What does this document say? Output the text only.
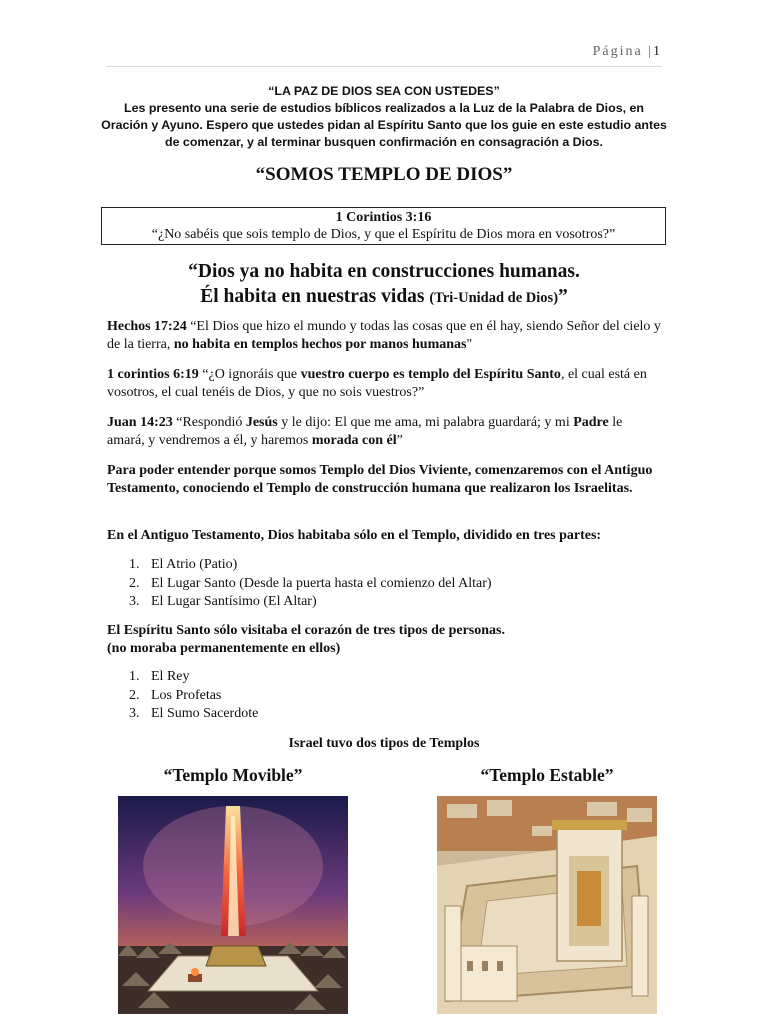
Página |1
“LA PAZ DE DIOS SEA CON USTEDES”
Les presento una serie de estudios bíblicos realizados a la Luz de la Palabra de Dios, en Oración y Ayuno. Espero que ustedes pidan al Espíritu Santo que los guie en este estudio antes de comenzar, y al terminar busquen confirmación en consagración a Dios.
“SOMOS TEMPLO DE DIOS”
1 Corintios 3:16
“¿No sabéis que sois templo de Dios, y que el Espíritu de Dios mora en vosotros?”
“Dios ya no habita en construcciones humanas.
Él habita en nuestras vidas (Tri-Unidad de Dios)”
Hechos 17:24 “El Dios que hizo el mundo y todas las cosas que en él hay, siendo Señor del cielo y de la tierra, no habita en templos hechos por manos humanas"
1 corintios 6:19 “¿O ignoráis que vuestro cuerpo es templo del Espíritu Santo, el cual está en vosotros, el cual tenéis de Dios, y que no sois vuestros?”
Juan 14:23 “Respondió Jesús y le dijo: El que me ama, mi palabra guardará; y mi Padre le amará, y vendremos a él, y haremos morada con él”
Para poder entender porque somos Templo del Dios Viviente, comenzaremos con el Antiguo Testamento, conociendo el Templo de construcción humana que realizaron los Israelitas.
En el Antiguo Testamento, Dios habitaba sólo en el Templo, dividido en tres partes:
1. El Atrio (Patio)
2. El Lugar Santo (Desde la puerta hasta el comienzo del Altar)
3. El Lugar Santísimo (El Altar)
El Espíritu Santo sólo visitaba el corazón de tres tipos de personas.
(no moraba permanentemente en ellos)
1. El Rey
2. Los Profetas
3. El Sumo Sacerdote
Israel tuvo dos tipos de Templos
“Templo Movible”	“Templo Estable”
